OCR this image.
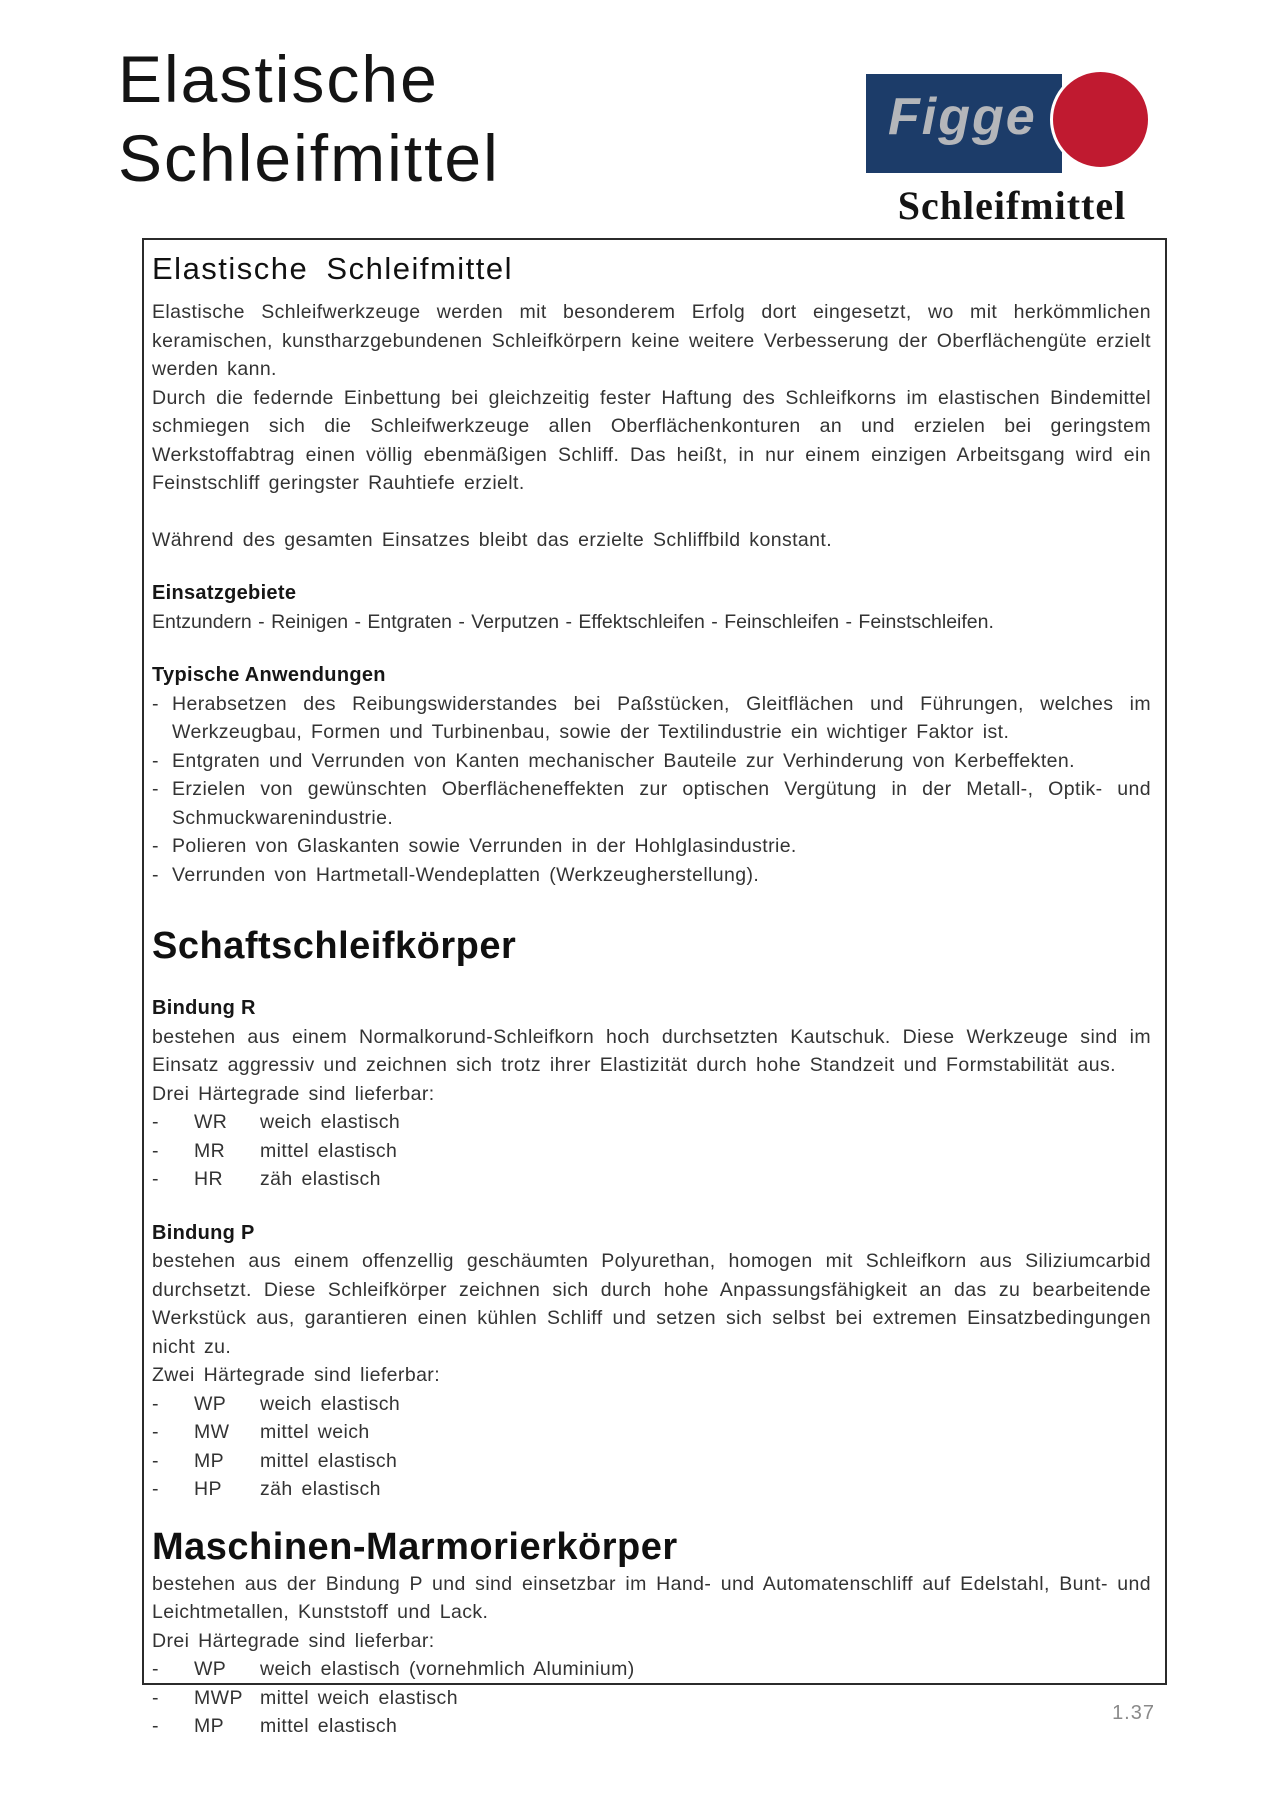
Elastische
Schleifmittel
Figge
Schleifmittel
Elastische Schleifmittel

Elastische Schleifwerkzeuge werden mit besonderem Erfolg dort eingesetzt, wo mit herkömmlichen keramischen, kunstharzgebundenen Schleifkörpern keine weitere Verbesserung der Oberflächengüte erzielt werden kann.

Durch die federnde Einbettung bei gleichzeitig fester Haftung des Schleifkorns im elastischen Bindemittel schmiegen sich die Schleifwerkzeuge allen Oberflächenkonturen an und erzielen bei geringstem Werkstoffabtrag einen völlig ebenmäßigen Schliff. Das heißt, in nur einem einzigen Arbeitsgang wird ein Feinstschliff geringster Rauhtiefe erzielt.

Während des gesamten Einsatzes bleibt das erzielte Schliffbild konstant.

Einsatzgebiete

Entzundern - Reinigen - Entgraten - Verputzen - Effektschleifen - Feinschleifen - Feinstschleifen.

Typische Anwendungen
- Herabsetzen des Reibungswiderstandes bei Paßstücken, Gleitflächen und Führungen, welches im Werkzeugbau, Formen und Turbinenbau, sowie der Textilindustrie ein wichtiger Faktor ist.
- Entgraten und Verrunden von Kanten mechanischer Bauteile zur Verhinderung von Kerbeffekten.
- Erzielen von gewünschten Oberflächeneffekten zur optischen Vergütung in der Metall-, Optik- und Schmuckwarenindustrie.
- Polieren von Glaskanten sowie Verrunden in der Hohlglasindustrie.
- Verrunden von Hartmetall-Wendeplatten (Werkzeugherstellung).
Schaftschleifkörper
Bindung R

bestehen aus einem Normalkorund-Schleifkorn hoch durchsetzten Kautschuk. Diese Werkzeuge sind im Einsatz aggressiv und zeichnen sich trotz ihrer Elastizität durch hohe Standzeit und Formstabilität aus.

Drei Härtegrade sind lieferbar:

-	WR	weich elastisch
-	MR	mittel elastisch
-	HR	zäh elastisch
Bindung P

bestehen aus einem offenzellig geschäumten Polyurethan, homogen mit Schleifkorn aus Siliziumcarbid durchsetzt. Diese Schleifkörper zeichnen sich durch hohe Anpassungsfähigkeit an das zu bearbeitende Werkstück aus, garantieren einen kühlen Schliff und setzen sich selbst bei extremen Einsatzbedingungen nicht zu.

Zwei Härtegrade sind lieferbar:

-	WP	weich elastisch
-	MW	mittel weich
-	MP	mittel elastisch
-	HP	zäh elastisch
Maschinen-Marmorierkörper

bestehen aus der Bindung P und sind einsetzbar im Hand- und Automatenschliff auf Edelstahl, Bunt- und Leichtmetallen, Kunststoff und Lack.

Drei Härtegrade sind lieferbar:

-	WP	weich elastisch (vornehmlich Aluminium)
-	MWP mittel weich elastisch
-	MP	mittel elastisch
1.37
